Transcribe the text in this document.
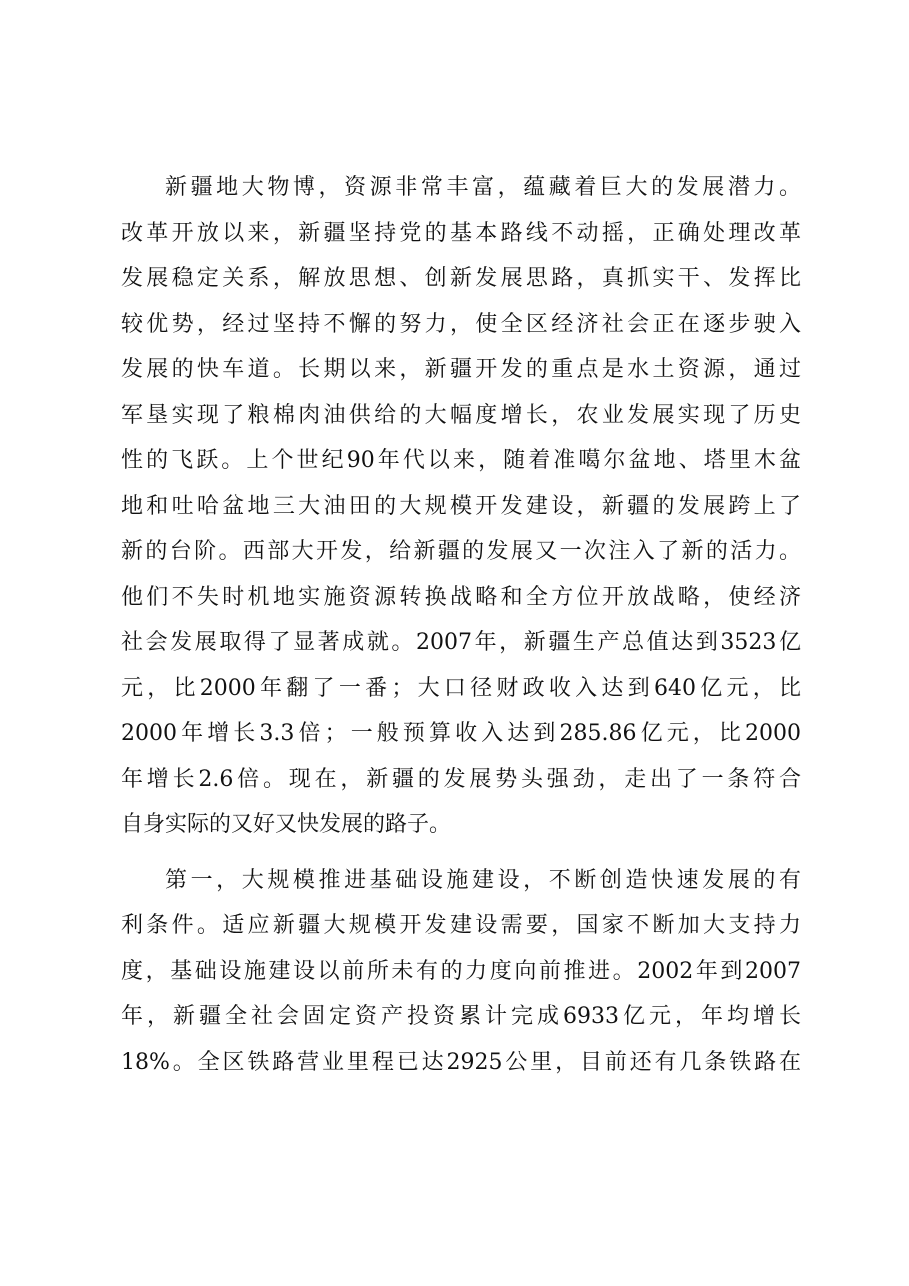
新疆地大物博，资源非常丰富，蕴藏着巨大的发展潜力。
改革开放以来，新疆坚持党的基本路线不动摇，正确处理改革
发展稳定关系，解放思想、创新发展思路，真抓实干、发挥比
较优势，经过坚持不懈的努力，使全区经济社会正在逐步驶入
发展的快车道。长期以来，新疆开发的重点是水土资源，通过
军垦实现了粮棉肉油供给的大幅度增长，农业发展实现了历史
性的飞跃。上个世纪90年代以来，随着准噶尔盆地、塔里木盆
地和吐哈盆地三大油田的大规模开发建设，新疆的发展跨上了
新的台阶。西部大开发，给新疆的发展又一次注入了新的活力。
他们不失时机地实施资源转换战略和全方位开放战略，使经济
社会发展取得了显著成就。2007年，新疆生产总值达到3523亿
元，比2000年翻了一番；大口径财政收入达到640亿元，比
2000年增长3.3倍；一般预算收入达到285.86亿元，比2000
年增长2.6倍。现在，新疆的发展势头强劲，走出了一条符合
自身实际的又好又快发展的路子。
第一，大规模推进基础设施建设，不断创造快速发展的有
利条件。适应新疆大规模开发建设需要，国家不断加大支持力
度，基础设施建设以前所未有的力度向前推进。2002年到2007
年，新疆全社会固定资产投资累计完成6933亿元，年均增长
18%。全区铁路营业里程已达2925公里，目前还有几条铁路在
